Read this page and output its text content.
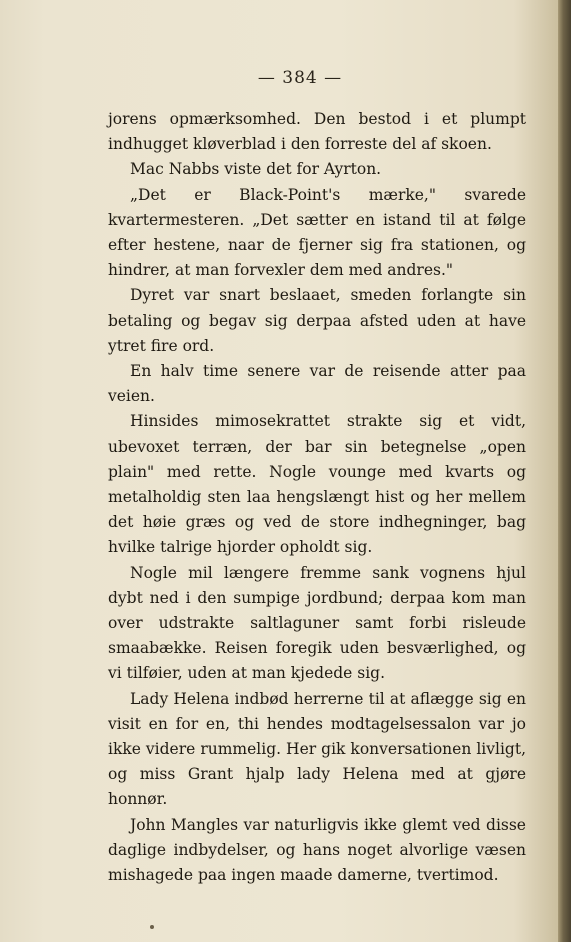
— 384 —

jorens opmærksomhed. Den bestod i et plumpt indhugget kløverblad i den forreste del af skoen.

Mac Nabbs viste det for Ayrton.

„Det er Black-Point's mærke," svarede kvartermesteren. „Det sætter en istand til at følge efter hestene, naar de fjerner sig fra stationen, og hindrer, at man forvexler dem med andres."

Dyret var snart beslaaet, smeden forlangte sin betaling og begav sig derpaa afsted uden at have ytret fire ord.

En halv time senere var de reisende atter paa veien.

Hinsides mimosekrattet strakte sig et vidt, ubevoxet terræn, der bar sin betegnelse „open plain" med rette. Nogle vounge med kvarts og metalholdig sten laa hengslængt hist og her mellem det høie græs og ved de store indhegninger, bag hvilke talrige hjorder opholdt sig.

Nogle mil længere fremme sank vognens hjul dybt ned i den sumpige jordbund; derpaa kom man over udstrakte saltlaguner samt forbi risleude smaabække. Reisen foregik uden besværlighed, og vi tilføier, uden at man kjedede sig.

Lady Helena indbød herrerne til at aflægge sig en visit en for en, thi hendes modtagelsessalon var jo ikke videre rummelig. Her gik konversationen livligt, og miss Grant hjalp lady Helena med at gjøre honnør.

John Mangles var naturligvis ikke glemt ved disse daglige indbydelser, og hans noget alvorlige væsen mishagede paa ingen maade damerne, tvertimod.
